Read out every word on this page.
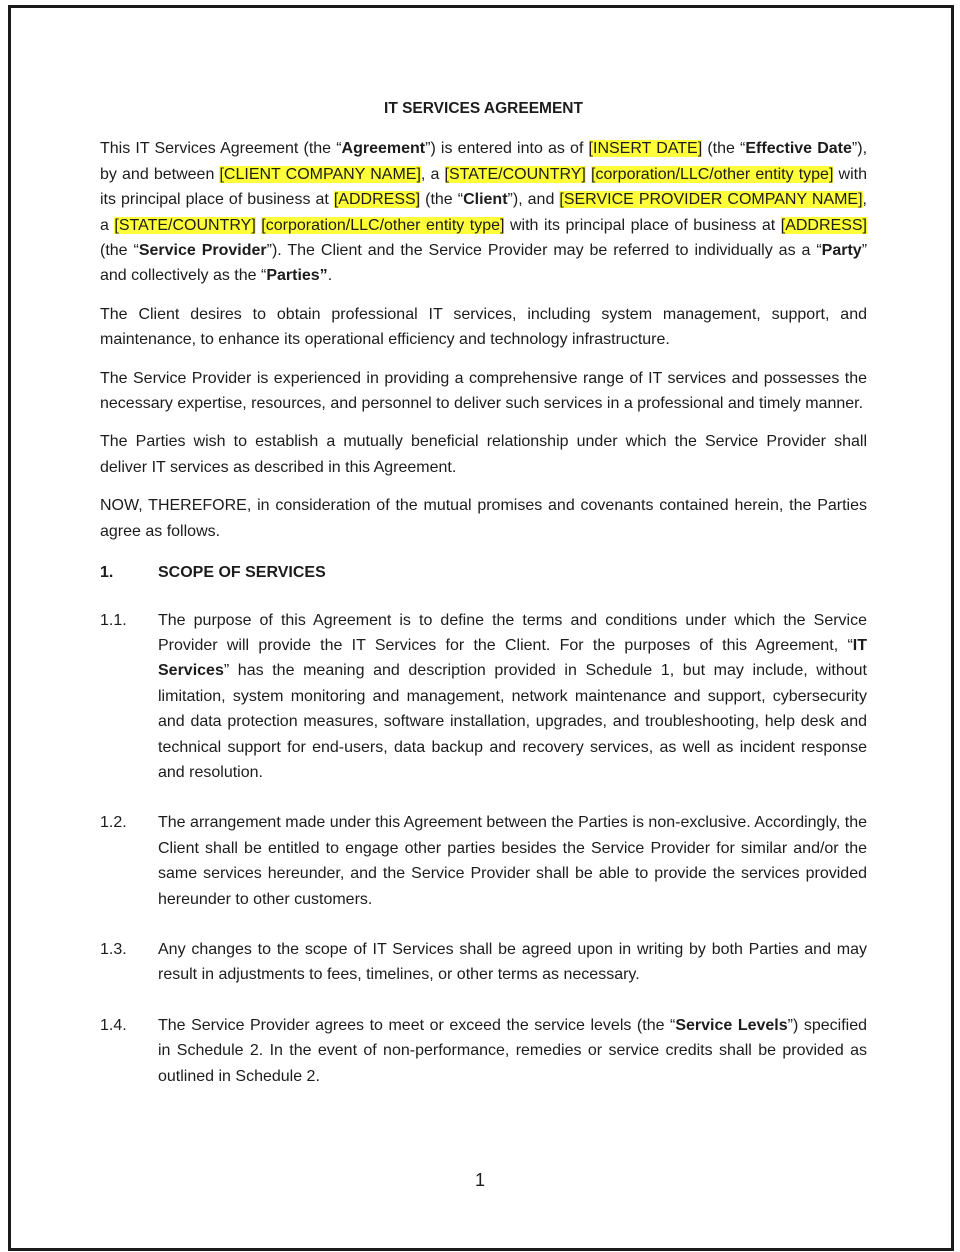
IT SERVICES AGREEMENT

This IT Services Agreement (the “Agreement”) is entered into as of [INSERT DATE] (the “Effective Date”), by and between [CLIENT COMPANY NAME], a [STATE/COUNTRY] [corporation/LLC/other entity type] with its principal place of business at [ADDRESS] (the “Client”), and [SERVICE PROVIDER COMPANY NAME], a [STATE/COUNTRY] [corporation/LLC/other entity type] with its principal place of business at [ADDRESS] (the “Service Provider”). The Client and the Service Provider may be referred to individually as a “Party” and collectively as the “Parties”.

The Client desires to obtain professional IT services, including system management, support, and maintenance, to enhance its operational efficiency and technology infrastructure.

The Service Provider is experienced in providing a comprehensive range of IT services and possesses the necessary expertise, resources, and personnel to deliver such services in a professional and timely manner.

The Parties wish to establish a mutually beneficial relationship under which the Service Provider shall deliver IT services as described in this Agreement.

NOW, THEREFORE, in consideration of the mutual promises and covenants contained herein, the Parties agree as follows.

1.	SCOPE OF SERVICES
1.1.	The purpose of this Agreement is to define the terms and conditions under which the Service Provider will provide the IT Services for the Client. For the purposes of this Agreement, “IT Services” has the meaning and description provided in Schedule 1, but may include, without limitation, system monitoring and management, network maintenance and support, cybersecurity and data protection measures, software installation, upgrades, and troubleshooting, help desk and technical support for end-users, data backup and recovery services, as well as incident response and resolution.
1.2.	The arrangement made under this Agreement between the Parties is non-exclusive. Accordingly, the Client shall be entitled to engage other parties besides the Service Provider for similar and/or the same services hereunder, and the Service Provider shall be able to provide the services provided hereunder to other customers.
1.3.	Any changes to the scope of IT Services shall be agreed upon in writing by both Parties and may result in adjustments to fees, timelines, or other terms as necessary.
1.4.	The Service Provider agrees to meet or exceed the service levels (the “Service Levels”) specified in Schedule 2. In the event of non-performance, remedies or service credits shall be provided as outlined in Schedule 2.
1
